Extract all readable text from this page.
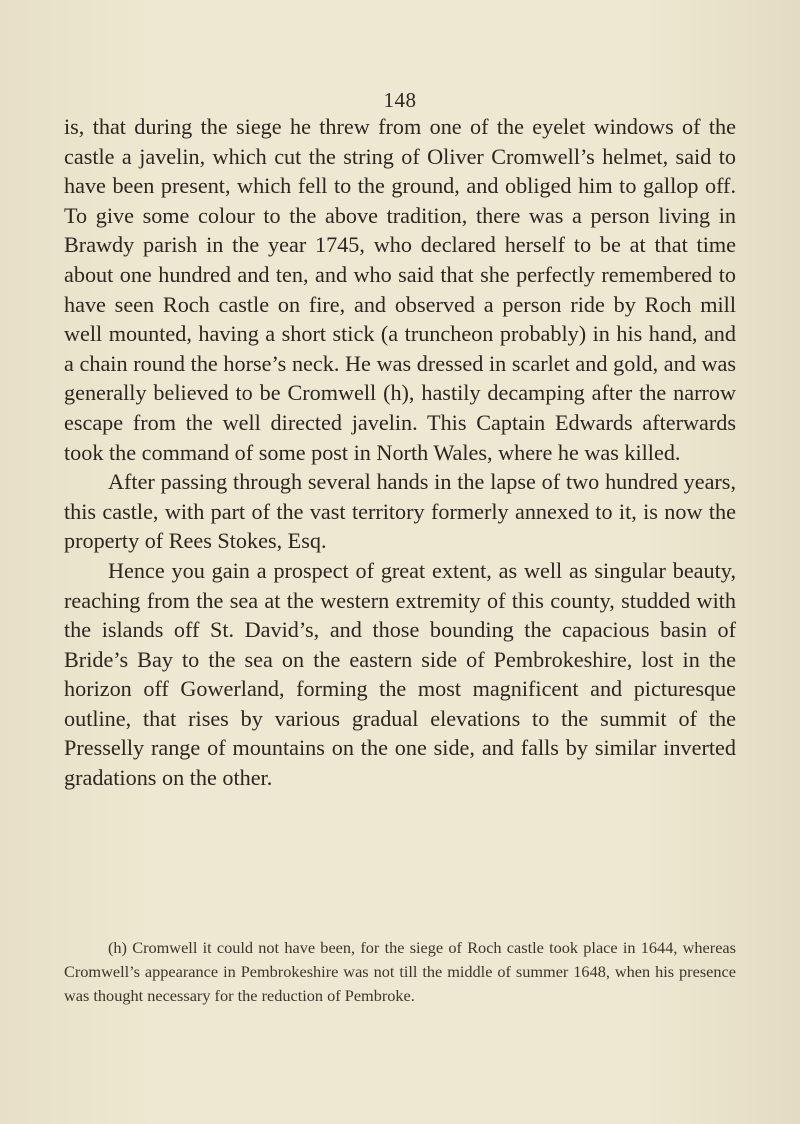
148

is, that during the siege he threw from one of the eyelet windows of the castle a javelin, which cut the string of Oliver Cromwell’s helmet, said to have been present, which fell to the ground, and obliged him to gallop off. To give some colour to the above tradition, there was a person living in Brawdy parish in the year 1745, who declared herself to be at that time about one hundred and ten, and who said that she perfectly remembered to have seen Roch castle on fire, and observed a person ride by Roch mill well mounted, having a short stick (a truncheon probably) in his hand, and a chain round the horse’s neck. He was dressed in scarlet and gold, and was generally believed to be Cromwell (h), hastily decamping after the narrow escape from the well directed javelin. This Captain Edwards afterwards took the command of some post in North Wales, where he was killed.

After passing through several hands in the lapse of two hundred years, this castle, with part of the vast territory formerly annexed to it, is now the property of Rees Stokes, Esq.

Hence you gain a prospect of great extent, as well as singular beauty, reaching from the sea at the western extremity of this county, studded with the islands off St. David’s, and those bounding the capacious basin of Bride’s Bay to the sea on the eastern side of Pembrokeshire, lost in the horizon off Gowerland, forming the most magnificent and picturesque outline, that rises by various gradual elevations to the summit of the Presselly range of mountains on the one side, and falls by similar inverted gradations on the other.

(h) Cromwell it could not have been, for the siege of Roch castle took place in 1644, whereas Cromwell’s appearance in Pembrokeshire was not till the middle of summer 1648, when his presence was thought necessary for the reduction of Pembroke.
